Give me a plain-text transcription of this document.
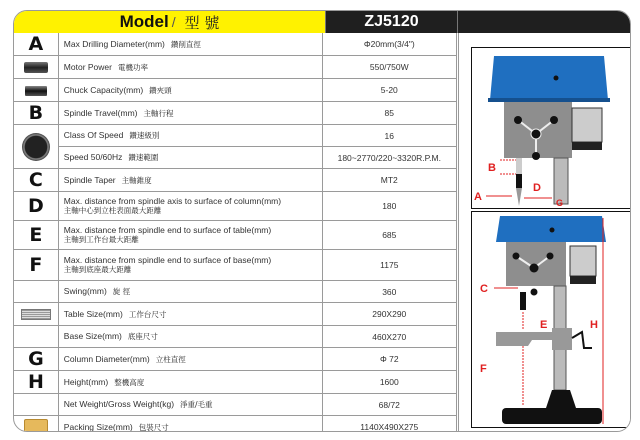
Model / 型 號	ZJ5120
A	Max Drilling Diameter(mm) 鑽削直徑	Φ20mm(3/4")
	Motor Power 電機功率	550/750W
	Chuck Capacity(mm) 鑽夾頭	5-20
B	Spindle Travel(mm) 主軸行程	85
	Class Of Speed 鑽速級別	16
	Speed 50/60Hz 鑽速範圍	180~2770/220~3320R.P.M.
C	Spindle Taper 主軸錐度	MT2
D	Max. distance from spindle axis to surface of column(mm)
主軸中心到立柱表面最大距離	180
E	Max. distance from spindle end to surface of table(mm)
主軸到工作台最大距離	685
F	Max. distance from spindle end to surface of base(mm)
主軸到底座最大距離	1175
	Swing(mm) 旋 徑	360
	Table Size(mm) 工作台尺寸	290X290
	Base Size(mm) 底座尺寸	460X270
G	Column Diameter(mm) 立柱直徑	Φ 72
H	Height(mm) 整機高度	1600
	Net Weight/Gross Weight(kg) 淨重/毛重	68/72
	Packing Size(mm) 包裝尺寸	1140X490X275
B
A
D
G
C
E
F
H
